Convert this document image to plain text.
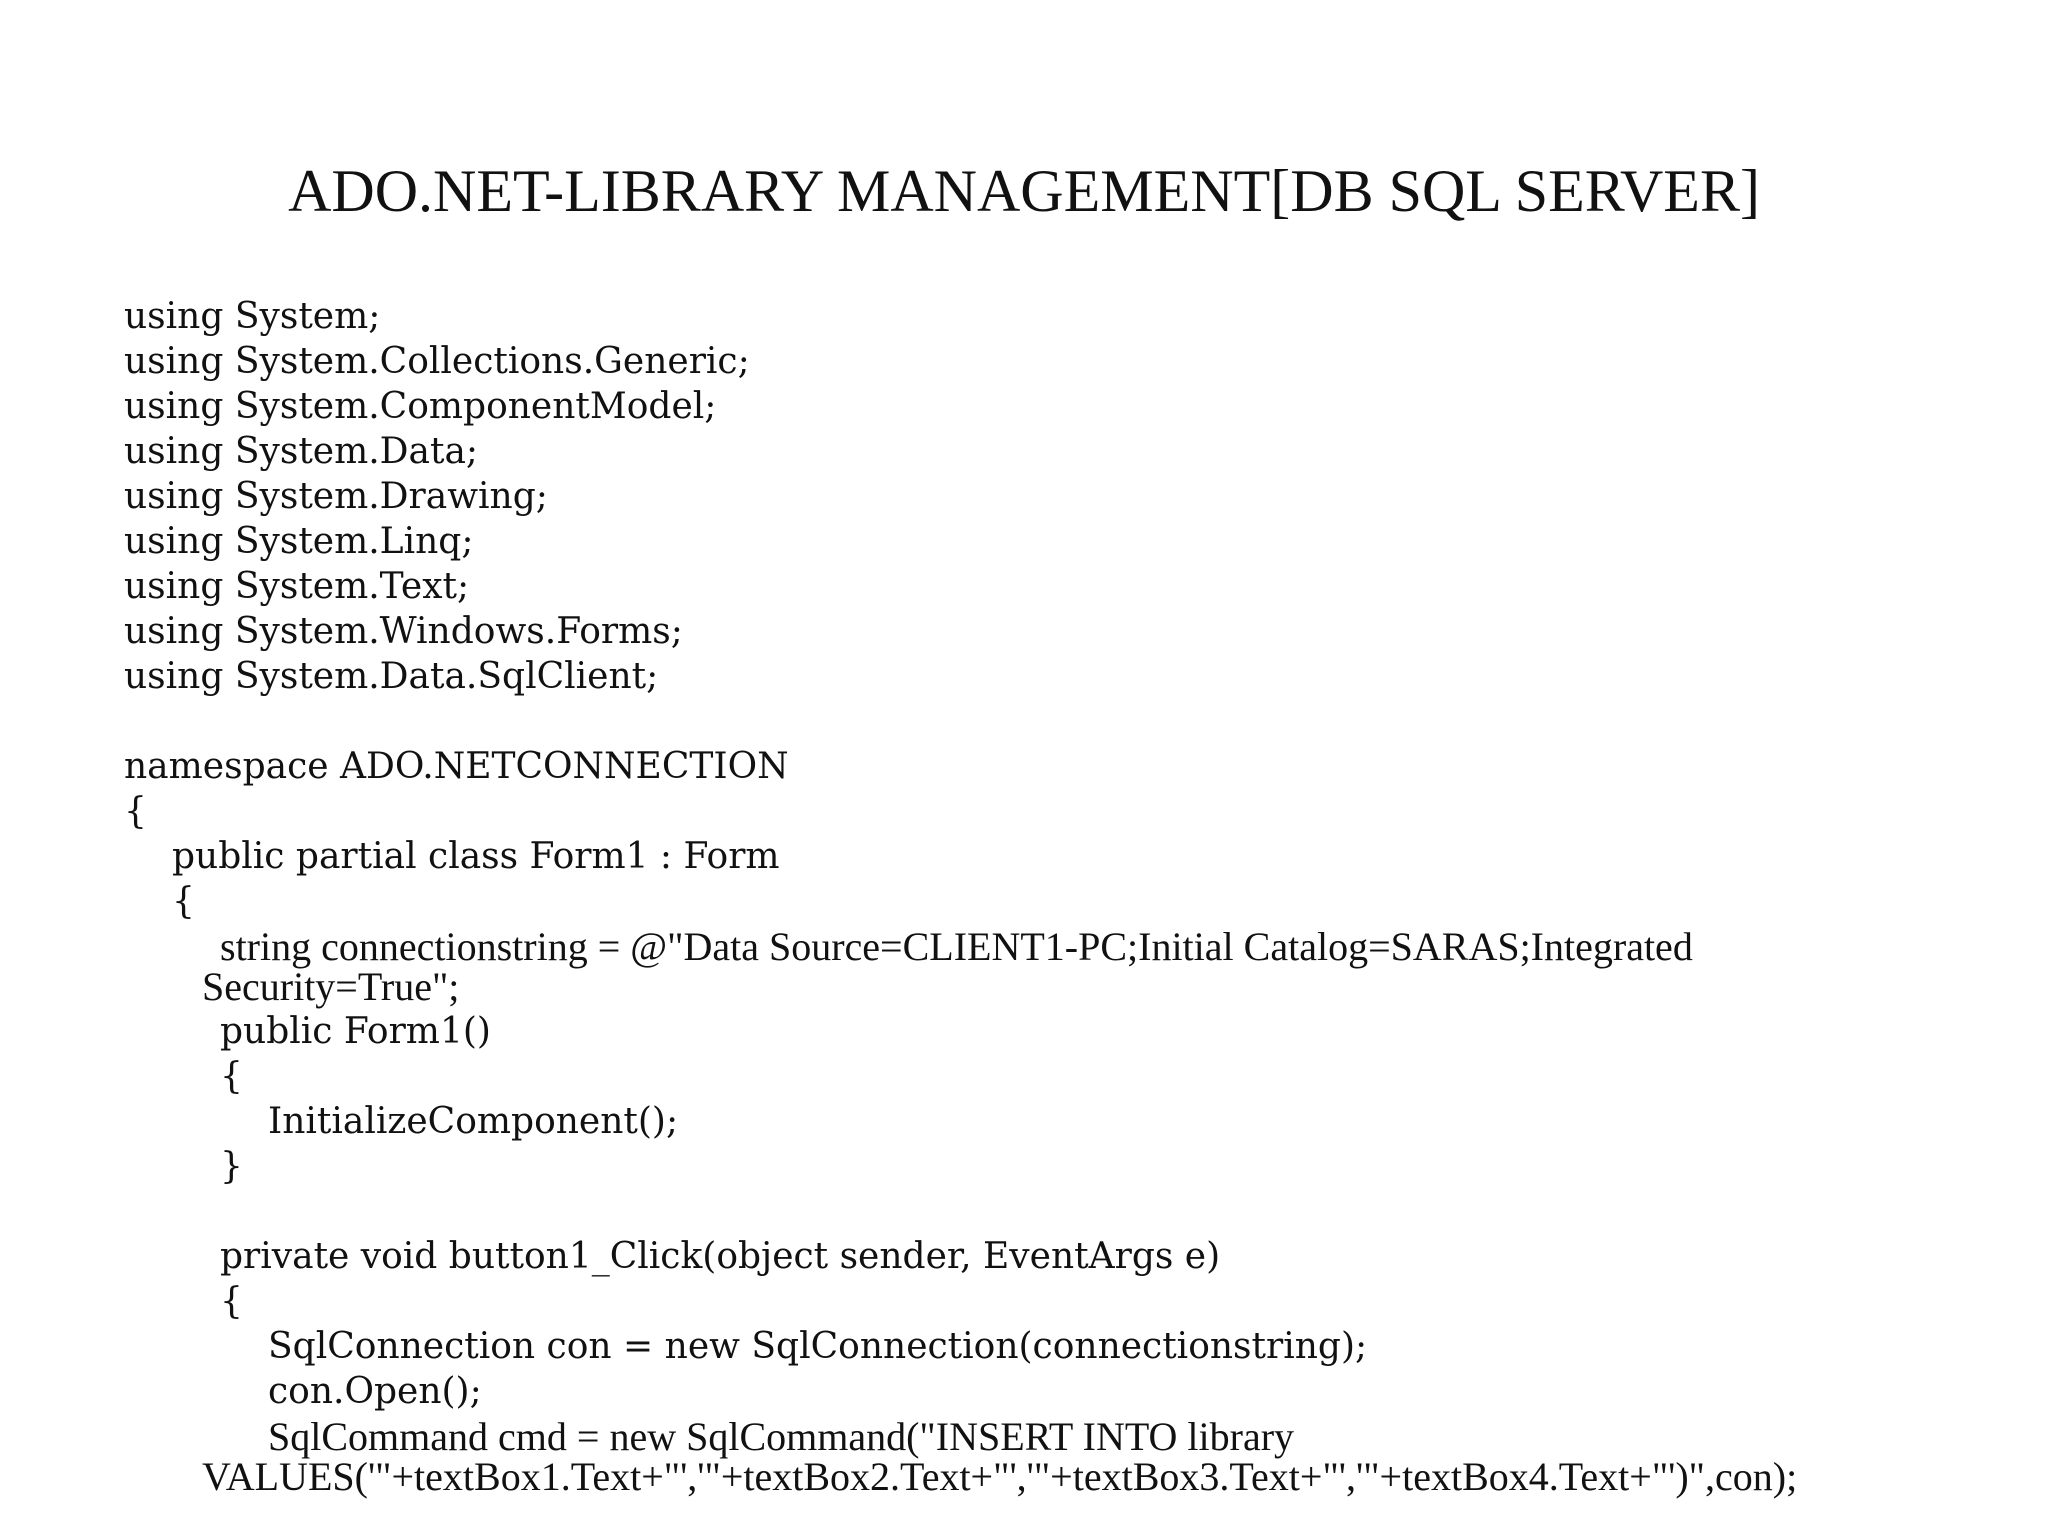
ADO.NET-LIBRARY MANAGEMENT[DB SQL SERVER]
using System;
using System.Collections.Generic;
using System.ComponentModel;
using System.Data;
using System.Drawing;
using System.Linq;
using System.Text;
using System.Windows.Forms;
using System.Data.SqlClient;
namespace ADO.NETCONNECTION
{
public partial class Form1 : Form
{
string connectionstring = @"Data Source=CLIENT1-PC;Initial Catalog=SARAS;Integrated
Security=True";
public Form1()
{
InitializeComponent();
}
private void button1_Click(object sender, EventArgs e)
{
SqlConnection con = new SqlConnection(connectionstring);
con.Open();
SqlCommand cmd = new SqlCommand("INSERT INTO library
VALUES('"+textBox1.Text+"','"+textBox2.Text+"','"+textBox3.Text+"','"+textBox4.Text+"')",con);
